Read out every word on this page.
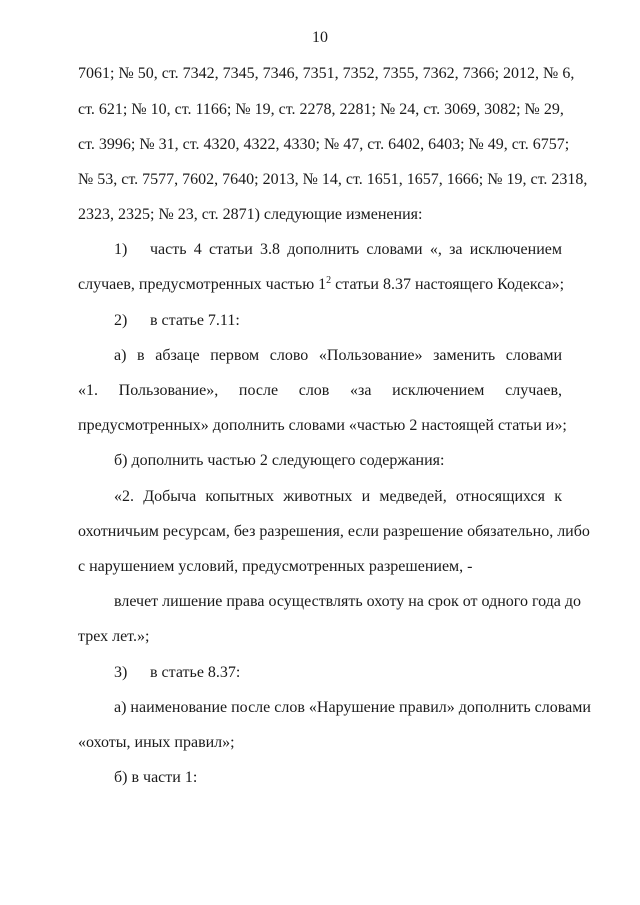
10
7061; № 50, ст. 7342, 7345, 7346, 7351, 7352, 7355, 7362, 7366; 2012, № 6,
ст. 621; № 10, ст. 1166; № 19, ст. 2278, 2281; № 24, ст. 3069, 3082; № 29,
ст. 3996; № 31, ст. 4320, 4322, 4330; № 47, ст. 6402, 6403; № 49, ст. 6757;
№ 53, ст. 7577, 7602, 7640; 2013, № 14, ст. 1651, 1657, 1666; № 19, ст. 2318,
2323, 2325; № 23, ст. 2871) следующие изменения:
1) часть 4 статьи 3.8 дополнить словами «, за исключением
случаев, предусмотренных частью $1^2$ статьи 8.37 настоящего Кодекса»;
2) в статье 7.11:
а) в абзаце первом слово «Пользование» заменить словами
«1. Пользование», после слов «за исключением случаев,
предусмотренных» дополнить словами «частью 2 настоящей статьи и»;
б) дополнить частью 2 следующего содержания:
«2. Добыча копытных животных и медведей, относящихся к
охотничьим ресурсам, без разрешения, если разрешение обязательно, либо
с нарушением условий, предусмотренных разрешением, -
влечет лишение права осуществлять охоту на срок от одного года до
трех лет.»;
3) в статье 8.37:
а) наименование после слов «Нарушение правил» дополнить словами
«охоты, иных правил»;
б) в части 1:
